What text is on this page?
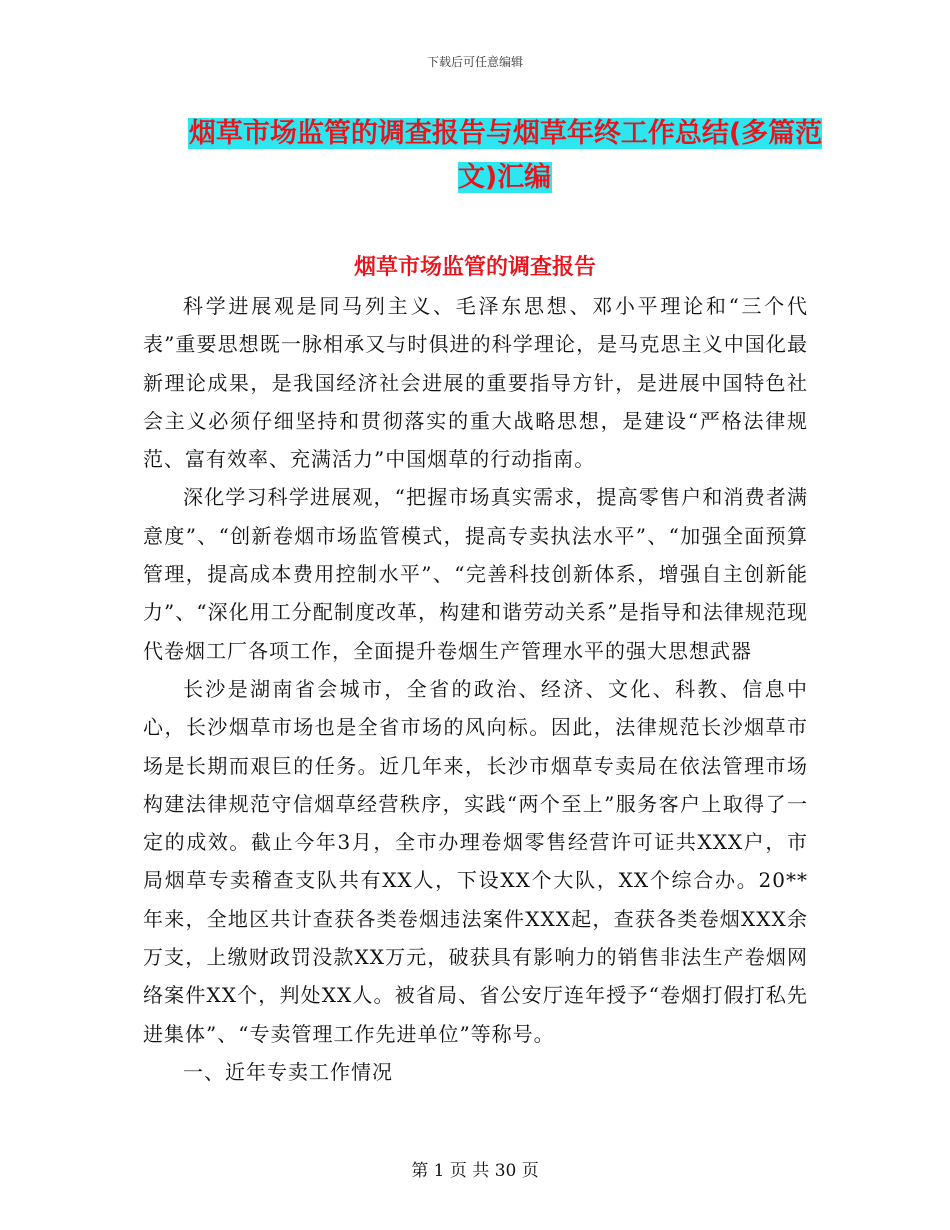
下载后可任意编辑
烟草市场监管的调查报告与烟草年终工作总结(多篇范文)汇编
烟草市场监管的调查报告

科学进展观是同马列主义、毛泽东思想、邓小平理论和“三个代表”重要思想既一脉相承又与时俱进的科学理论，是马克思主义中国化最新理论成果，是我国经济社会进展的重要指导方针，是进展中国特色社会主义必须仔细坚持和贯彻落实的重大战略思想，是建设“严格法律规范、富有效率、充满活力”中国烟草的行动指南。

深化学习科学进展观，“把握市场真实需求，提高零售户和消费者满意度”、“创新卷烟市场监管模式，提高专卖执法水平”、“加强全面预算管理，提高成本费用控制水平”、“完善科技创新体系，增强自主创新能力”、“深化用工分配制度改革，构建和谐劳动关系”是指导和法律规范现代卷烟工厂各项工作，全面提升卷烟生产管理水平的强大思想武器

长沙是湖南省会城市，全省的政治、经济、文化、科教、信息中心，长沙烟草市场也是全省市场的风向标。因此，法律规范长沙烟草市场是长期而艰巨的任务。近几年来，长沙市烟草专卖局在依法管理市场构建法律规范守信烟草经营秩序，实践“两个至上”服务客户上取得了一定的成效。截止今年3月，全市办理卷烟零售经营许可证共XXX户，市局烟草专卖稽查支队共有XX人，下设XX个大队，XX个综合办。20**年来，全地区共计查获各类卷烟违法案件XXX起，查获各类卷烟XXX余万支，上缴财政罚没款XX万元，破获具有影响力的销售非法生产卷烟网络案件XX个，判处XX人。被省局、省公安厅连年授予“卷烟打假打私先进集体”、“专卖管理工作先进单位”等称号。

一、近年专卖工作情况

第 1 页 共 30 页
